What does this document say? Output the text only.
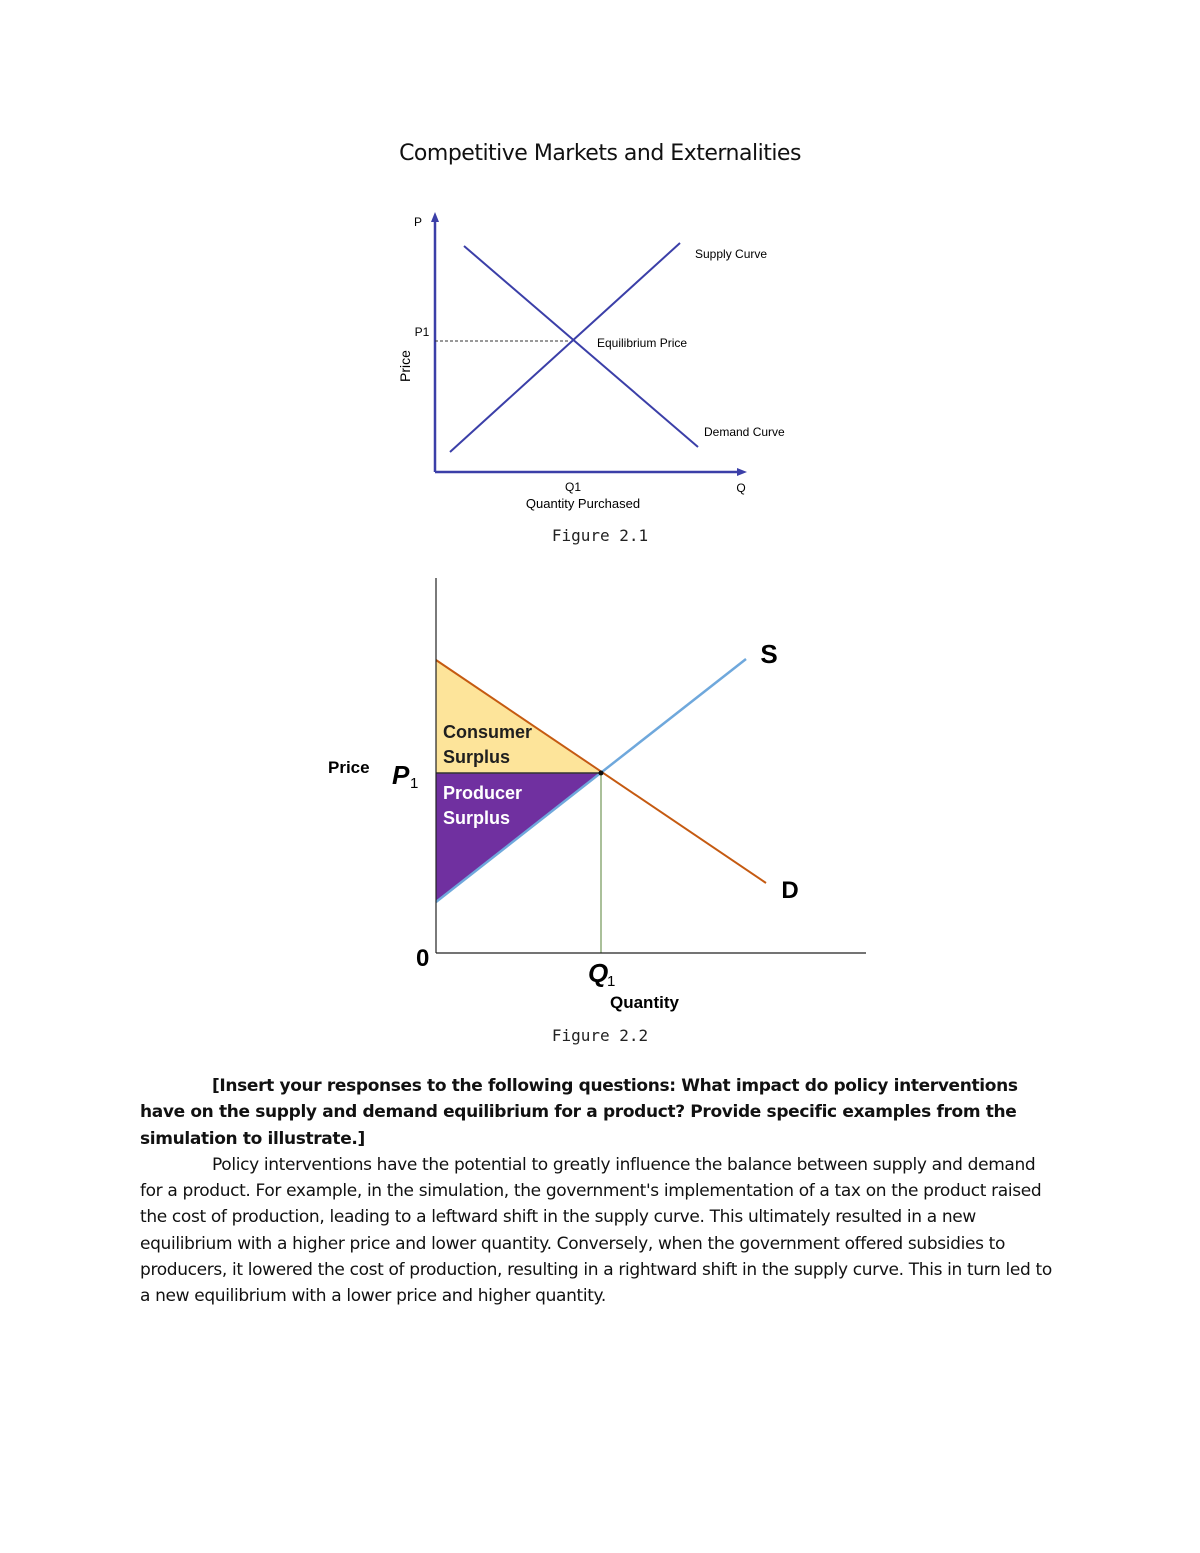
Competitive Markets and Externalities
P
P1
Price
Supply Curve
Equilibrium Price
Demand Curve
Q1
Quantity Purchased
Q
Figure 2.1
S
D
Consumer
Surplus
Producer
Surplus
Price P 1
0	Q
1
Quantity
Figure 2.2

[Insert your responses to the following questions: What impact do policy interventions have on the supply and demand equilibrium for a product? Provide specific examples from the simulation to illustrate.]

Policy interventions have the potential to greatly influence the balance between supply and demand for a product. For example, in the simulation, the government's implementation of a tax on the product raised the cost of production, leading to a leftward shift in the supply curve. This ultimately resulted in a new equilibrium with a higher price and lower quantity. Conversely, when the government offered subsidies to producers, it lowered the cost of production, resulting in a rightward shift in the supply curve. This in turn led to a new equilibrium with a lower price and higher quantity.
